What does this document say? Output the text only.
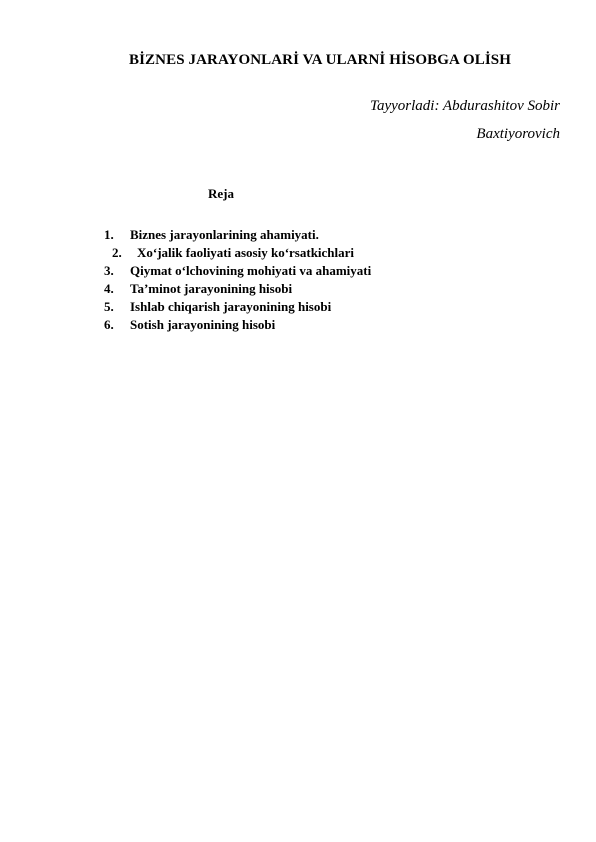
BİZNES JARAYONLARİ VA ULARNİ HİSOBGA OLİSH
Tayyorladi: Abdurashitov Sobir
Baxtiyorovich
Reja
1. Biznes jarayonlarining ahamiyati.
2. Xo‘jalik faoliyati asosiy ko‘rsatkichlari
3. Qiymat o‘lchovining mohiyati va ahamiyati
4. Ta’minot jarayonining hisobi
5. Ishlab chiqarish jarayonining hisobi
6. Sotish jarayonining hisobi
